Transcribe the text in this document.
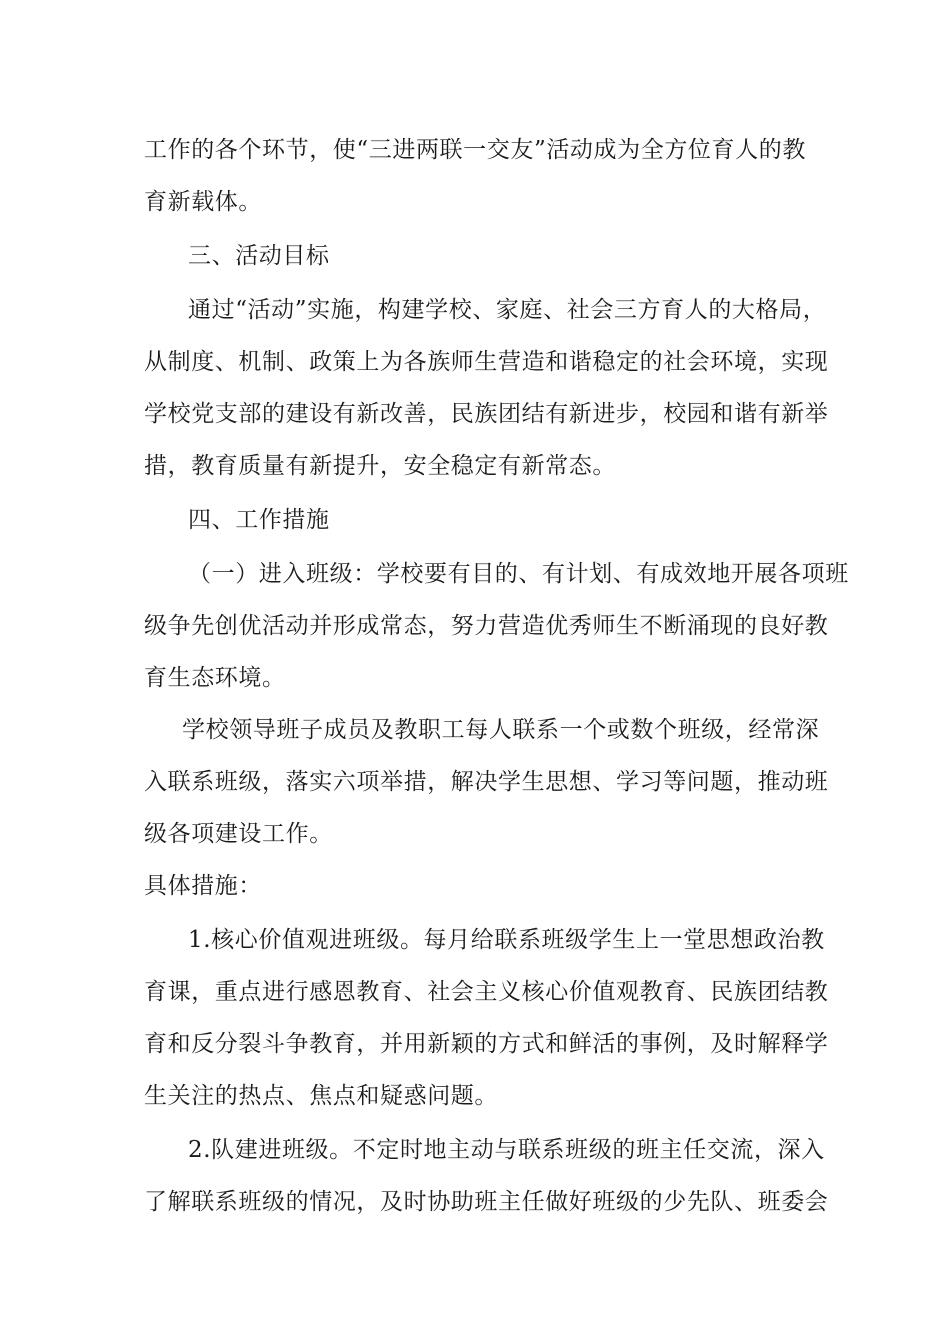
工作的各个环节，使“三进两联一交友”活动成为全方位育人的教
育新载体。
三、活动目标
通过“活动”实施，构建学校、家庭、社会三方育人的大格局，
从制度、机制、政策上为各族师生营造和谐稳定的社会环境，实现
学校党支部的建设有新改善，民族团结有新进步，校园和谐有新举
措，教育质量有新提升，安全稳定有新常态。
四、工作措施
（一）进入班级：学校要有目的、有计划、有成效地开展各项班
级争先创优活动并形成常态，努力营造优秀师生不断涌现的良好教
育生态环境。
学校领导班子成员及教职工每人联系一个或数个班级，经常深
入联系班级，落实六项举措，解决学生思想、学习等问题，推动班
级各项建设工作。
具体措施：
1.核心价值观进班级。每月给联系班级学生上一堂思想政治教
育课，重点进行感恩教育、社会主义核心价值观教育、民族团结教
育和反分裂斗争教育，并用新颖的方式和鲜活的事例，及时解释学
生关注的热点、焦点和疑惑问题。
2.队建进班级。不定时地主动与联系班级的班主任交流，深入
了解联系班级的情况，及时协助班主任做好班级的少先队、班委会
